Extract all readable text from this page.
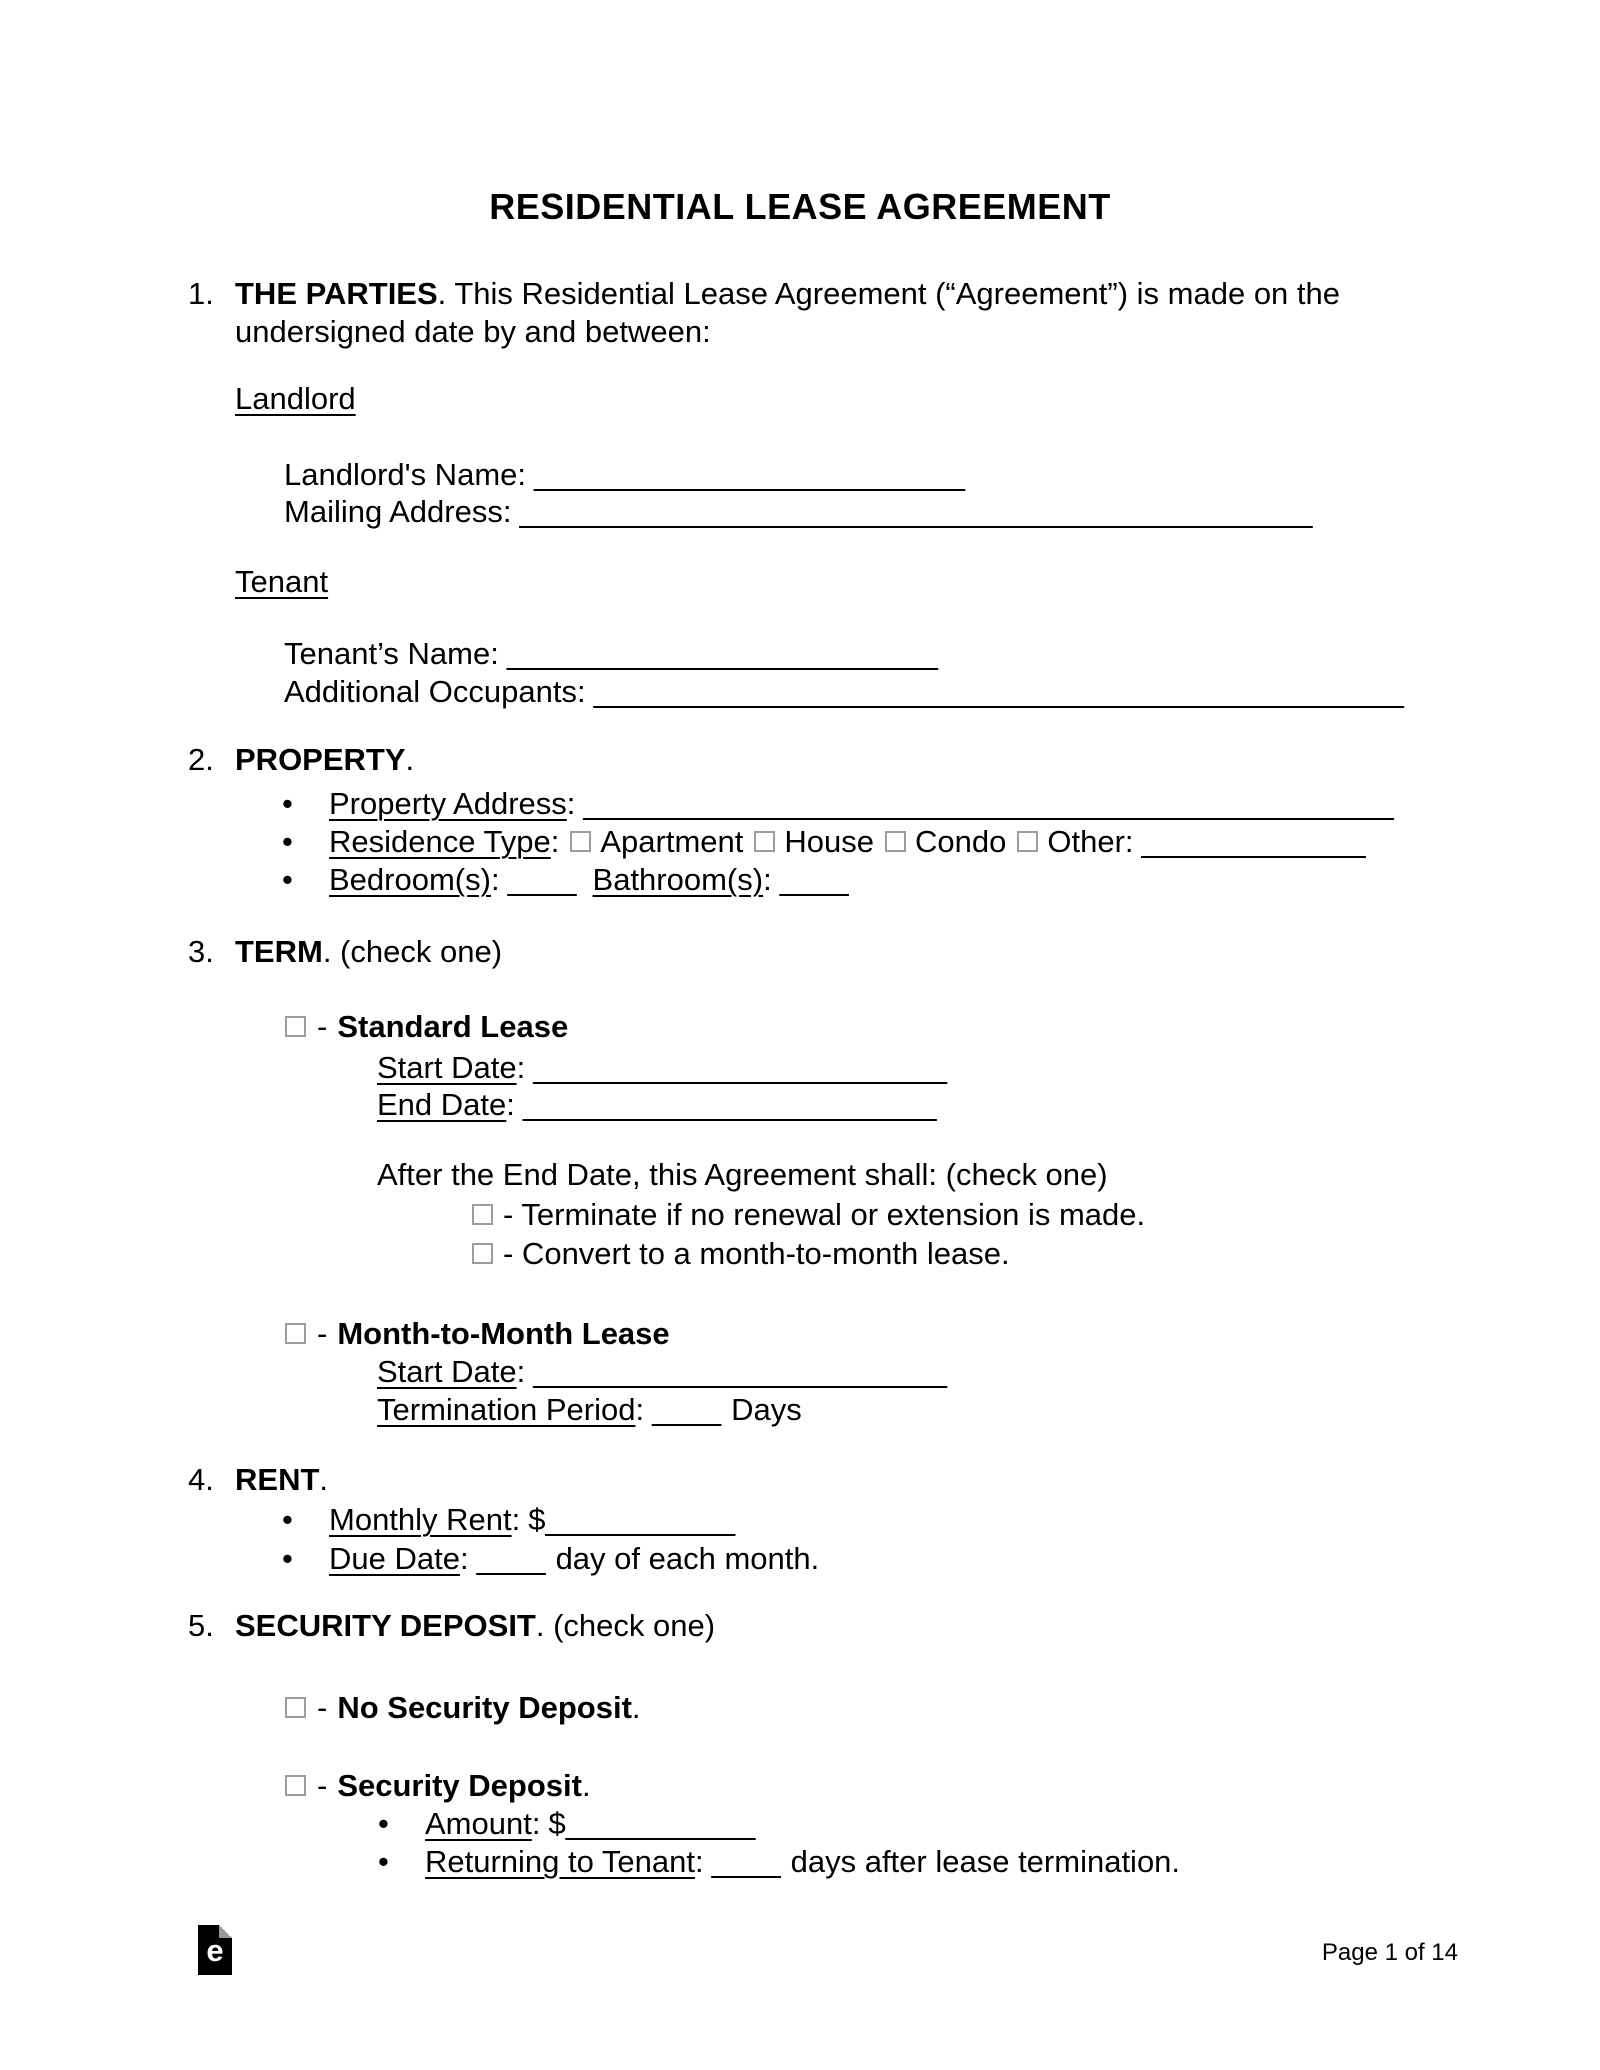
RESIDENTIAL LEASE AGREEMENT
1. THE PARTIES. This Residential Lease Agreement (“Agreement”) is made on the
undersigned date by and between:
Landlord
Landlord's Name: _________________________
Mailing Address: ______________________________________________
Tenant
Tenant’s Name: _________________________
Additional Occupants: _______________________________________________
2. PROPERTY.
• Property Address: _______________________________________________
• Residence Type: Apartment House Condo Other: _____________
• Bedroom(s): ____ Bathroom(s): ____
3. TERM. (check one)
- Standard Lease
Start Date: ________________________
End Date: ________________________
After the End Date, this Agreement shall: (check one)
- Terminate if no renewal or extension is made.
- Convert to a month-to-month lease.
- Month-to-Month Lease
Start Date: ________________________
Termination Period: ____ Days
4. RENT.
• Monthly Rent: $___________
• Due Date: ____ day of each month.
5. SECURITY DEPOSIT. (check one)
- No Security Deposit.
- Security Deposit.
• Amount: $___________
• Returning to Tenant: ____ days after lease termination.
e	Page 1 of 14
